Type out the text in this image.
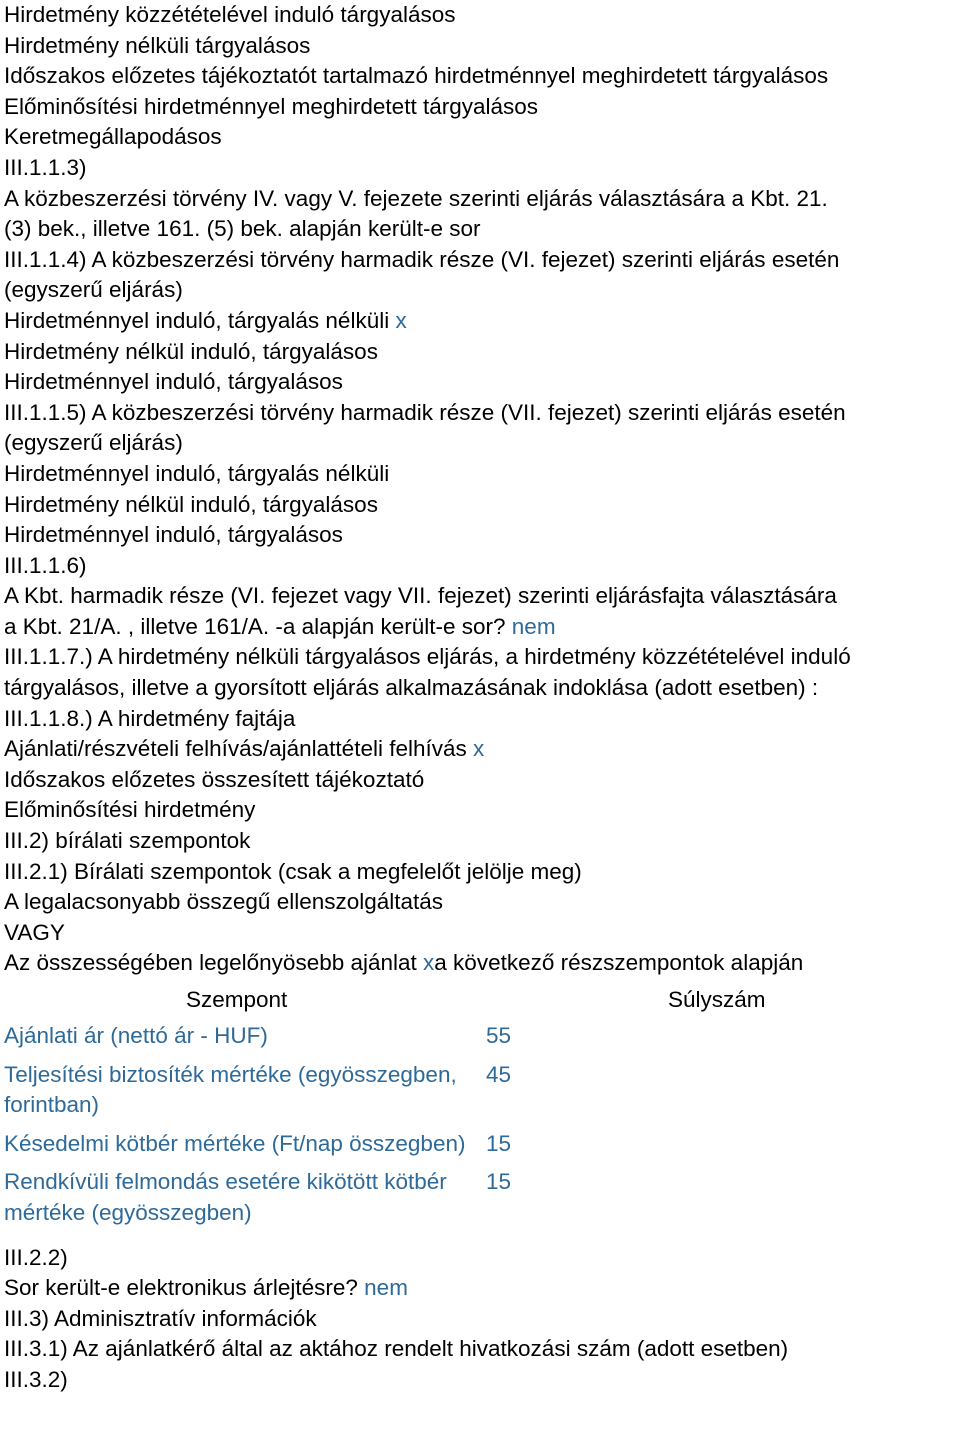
Hirdetmény közzétételével induló tárgyalásos
Hirdetmény nélküli tárgyalásos
Időszakos előzetes tájékoztatót tartalmazó hirdetménnyel meghirdetett tárgyalásos
Előminősítési hirdetménnyel meghirdetett tárgyalásos
Keretmegállapodásos
III.1.1.3)
A közbeszerzési törvény IV. vagy V. fejezete szerinti eljárás választására a Kbt. 21.
(3) bek., illetve 161. (5) bek. alapján került-e sor
III.1.1.4) A közbeszerzési törvény harmadik része (VI. fejezet) szerinti eljárás esetén
(egyszerű eljárás)
Hirdetménnyel induló, tárgyalás nélküli x
Hirdetmény nélkül induló, tárgyalásos
Hirdetménnyel induló, tárgyalásos
III.1.1.5) A közbeszerzési törvény harmadik része (VII. fejezet) szerinti eljárás esetén
(egyszerű eljárás)
Hirdetménnyel induló, tárgyalás nélküli
Hirdetmény nélkül induló, tárgyalásos
Hirdetménnyel induló, tárgyalásos
III.1.1.6)
A Kbt. harmadik része (VI. fejezet vagy VII. fejezet) szerinti eljárásfajta választására
a Kbt. 21/A. , illetve 161/A. -a alapján került-e sor? nem
III.1.1.7.) A hirdetmény nélküli tárgyalásos eljárás, a hirdetmény közzétételével induló tárgyalásos, illetve a gyorsított eljárás alkalmazásának indoklása (adott esetben) :
III.1.1.8.) A hirdetmény fajtája
Ajánlati/részvételi felhívás/ajánlattételi felhívás x
Időszakos előzetes összesített tájékoztató
Előminősítési hirdetmény
III.2) bírálati szempontok
III.2.1) Bírálati szempontok (csak a megfelelőt jelölje meg)
A legalacsonyabb összegű ellenszolgáltatás
VAGY
Az összességében legelőnyösebb ajánlat xa következő részszempontok alapján
Szempont	Súlyszám
Ajánlati ár (nettó ár - HUF)	55
Teljesítési biztosíték mértéke (egyösszegben, forintban)	45
Késedelmi kötbér mértéke (Ft/nap összegben)	15
Rendkívüli felmondás esetére kikötött kötbér mértéke (egyösszegben)	15
III.2.2)
Sor került-e elektronikus árlejtésre? nem
III.3) Adminisztratív információk
III.3.1) Az ajánlatkérő által az aktához rendelt hivatkozási szám (adott esetben)
III.3.2)
